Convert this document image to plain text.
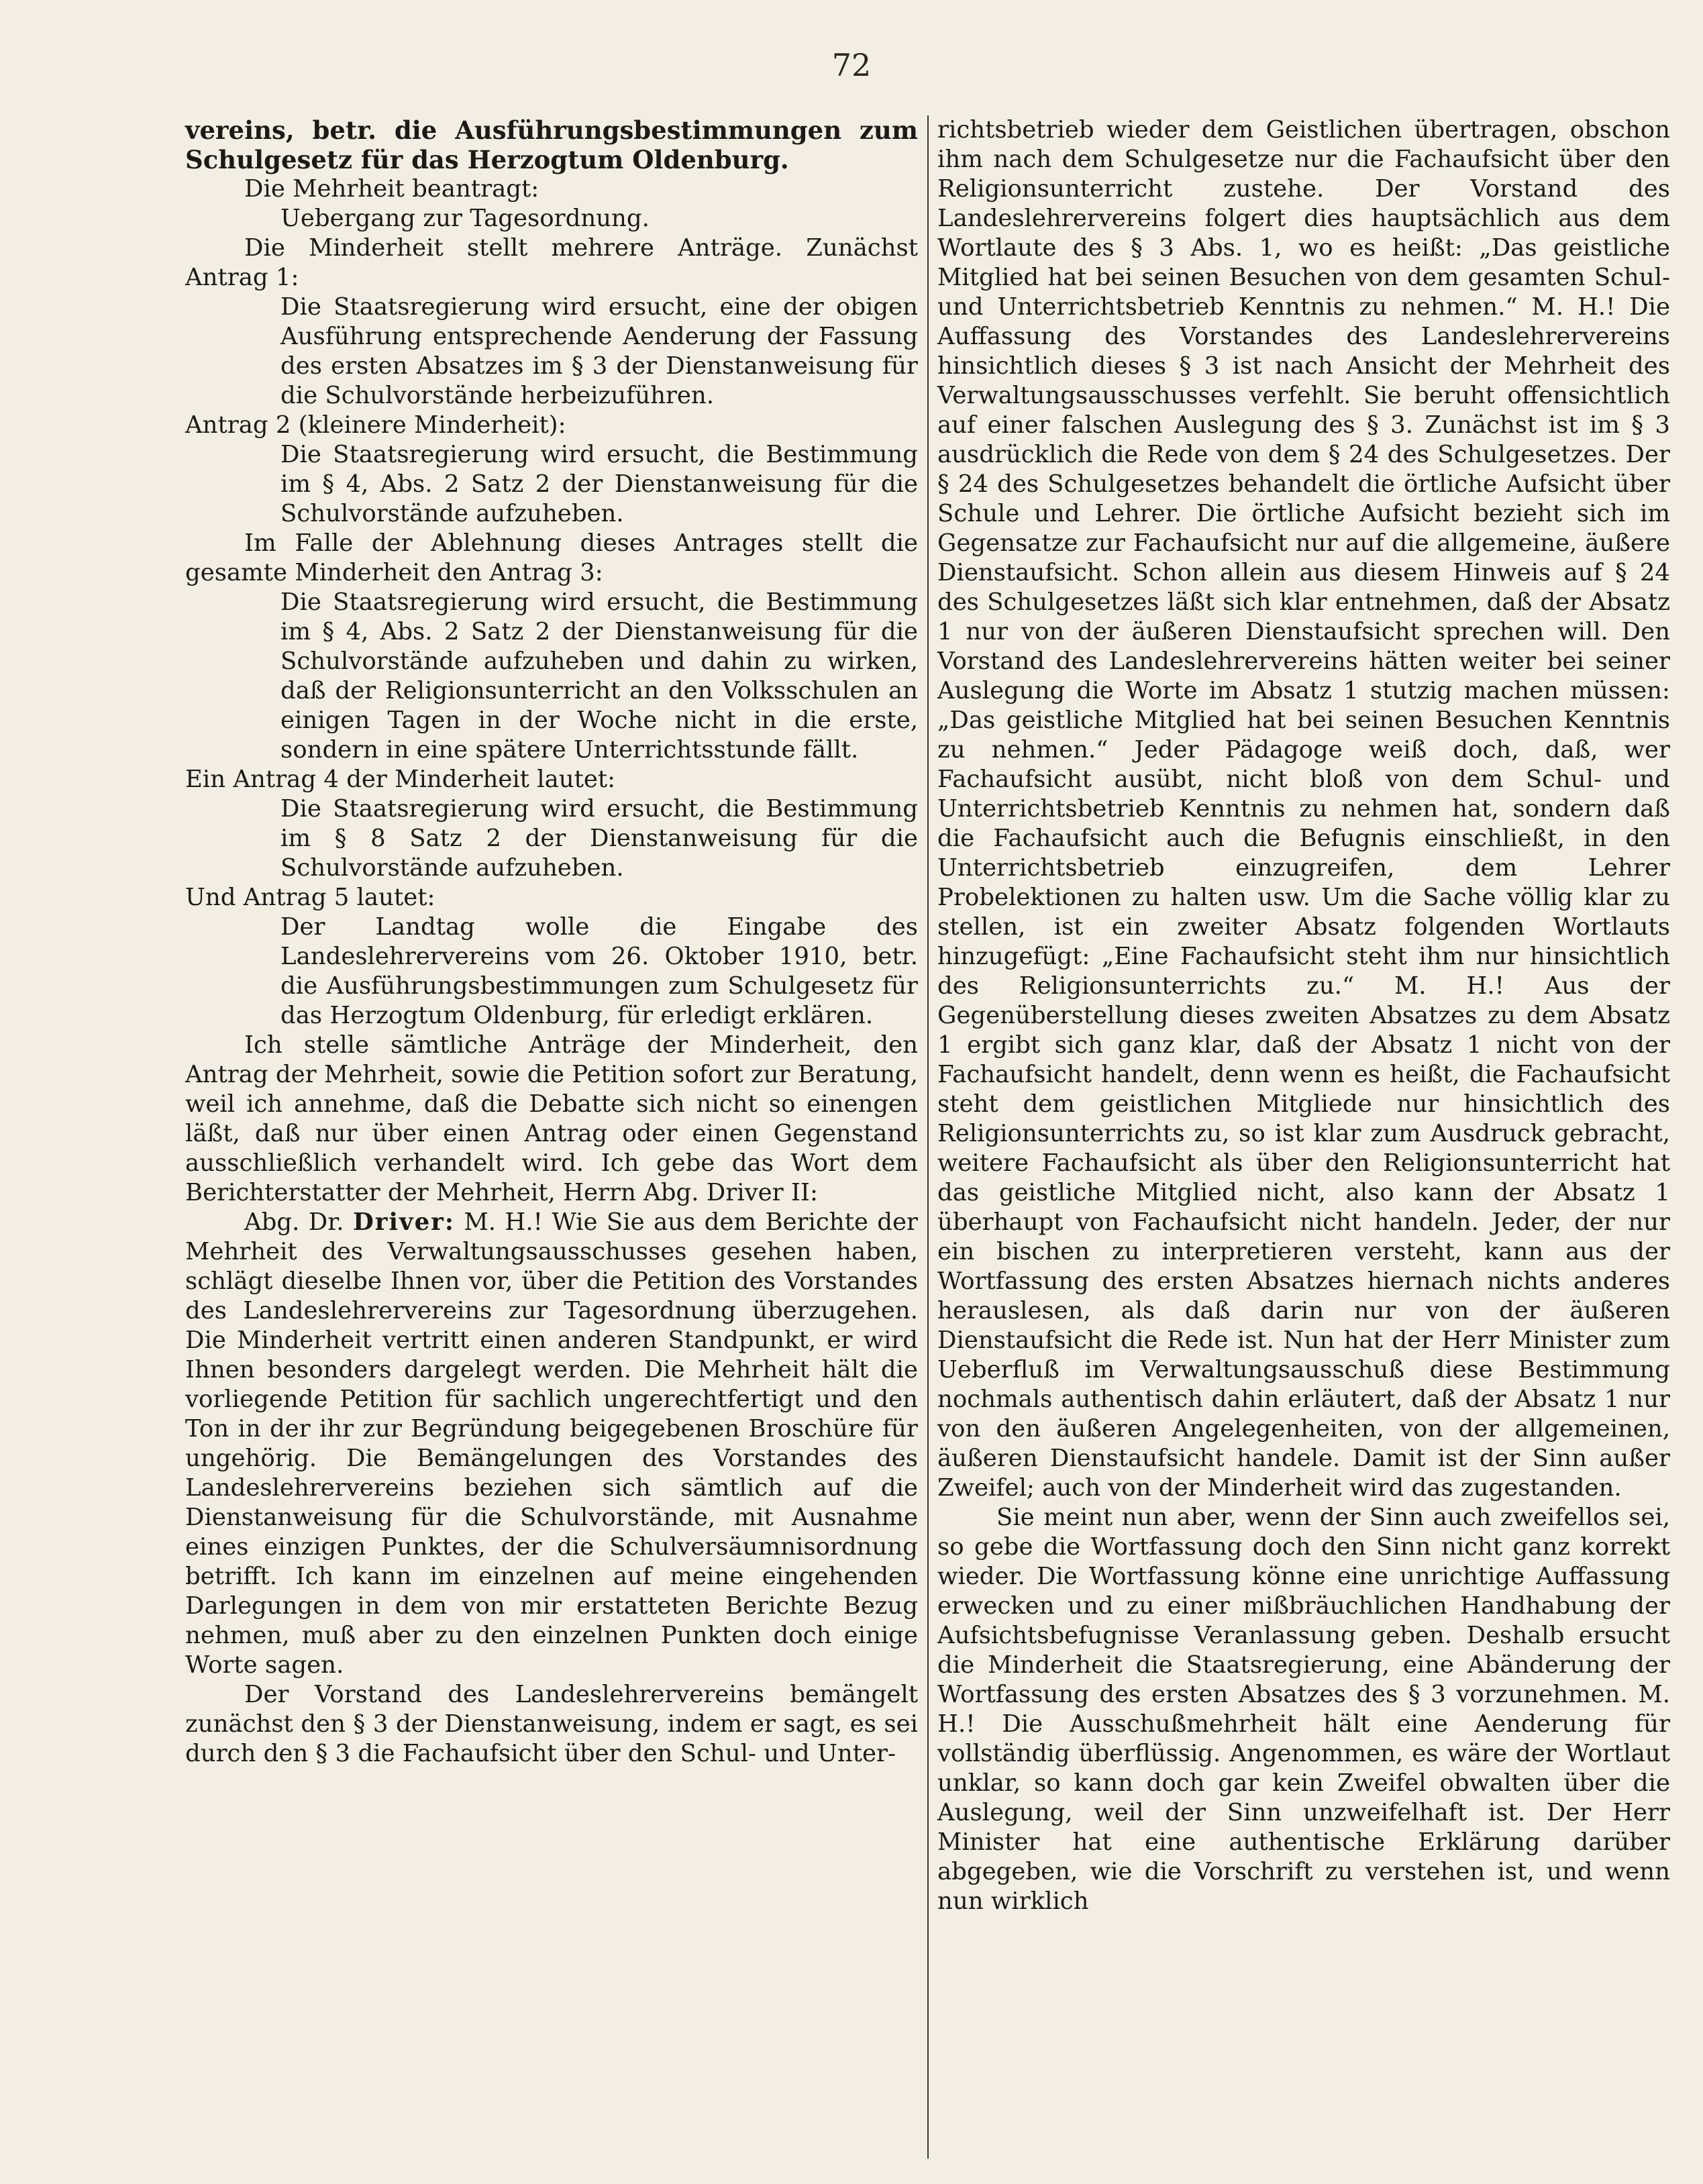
72

vereins, betr. die Ausführungsbestimmungen zum Schulgesetz für das Herzogtum Oldenburg.

Die Mehrheit beantragt:

Uebergang zur Tagesordnung.

Die Minderheit stellt mehrere Anträge. Zunächst Antrag 1:

Die Staatsregierung wird ersucht, eine der obigen Ausführung entsprechende Aenderung der Fassung des ersten Absatzes im § 3 der Dienstanweisung für die Schulvorstände herbeizuführen.

Antrag 2 (kleinere Minderheit):

Die Staatsregierung wird ersucht, die Bestimmung im § 4, Abs. 2 Satz 2 der Dienstanweisung für die Schulvorstände aufzuheben.

Im Falle der Ablehnung dieses Antrages stellt die gesamte Minderheit den Antrag 3:

Die Staatsregierung wird ersucht, die Bestimmung im § 4, Abs. 2 Satz 2 der Dienstanweisung für die Schulvorstände aufzuheben und dahin zu wirken, daß der Religionsunterricht an den Volksschulen an einigen Tagen in der Woche nicht in die erste, sondern in eine spätere Unterrichtsstunde fällt.

Ein Antrag 4 der Minderheit lautet:

Die Staatsregierung wird ersucht, die Bestimmung im § 8 Satz 2 der Dienstanweisung für die Schulvorstände aufzuheben.

Und Antrag 5 lautet:

Der Landtag wolle die Eingabe des Landeslehrervereins vom 26. Oktober 1910, betr. die Ausführungsbestimmungen zum Schulgesetz für das Herzogtum Oldenburg, für erledigt erklären.

Ich stelle sämtliche Anträge der Minderheit, den Antrag der Mehrheit, sowie die Petition sofort zur Beratung, weil ich annehme, daß die Debatte sich nicht so einengen läßt, daß nur über einen Antrag oder einen Gegenstand ausschließlich verhandelt wird. Ich gebe das Wort dem Berichterstatter der Mehrheit, Herrn Abg. Driver II:

Abg. Dr. Driver: M. H.! Wie Sie aus dem Berichte der Mehrheit des Verwaltungsausschusses gesehen haben, schlägt dieselbe Ihnen vor, über die Petition des Vorstandes des Landeslehrervereins zur Tagesordnung überzugehen. Die Minderheit vertritt einen anderen Standpunkt, er wird Ihnen besonders dargelegt werden. Die Mehrheit hält die vorliegende Petition für sachlich ungerechtfertigt und den Ton in der ihr zur Begründung beigegebenen Broschüre für ungehörig. Die Bemängelungen des Vorstandes des Landeslehrervereins beziehen sich sämtlich auf die Dienstanweisung für die Schulvorstände, mit Ausnahme eines einzigen Punktes, der die Schulversäumnisordnung betrifft. Ich kann im einzelnen auf meine eingehenden Darlegungen in dem von mir erstatteten Berichte Bezug nehmen, muß aber zu den einzelnen Punkten doch einige Worte sagen.

Der Vorstand des Landeslehrervereins bemängelt zunächst den § 3 der Dienstanweisung, indem er sagt, es sei durch den § 3 die Fachaufsicht über den Schul- und Unter-

richtsbetrieb wieder dem Geistlichen übertragen, obschon ihm nach dem Schulgesetze nur die Fachaufsicht über den Religionsunterricht zustehe. Der Vorstand des Landeslehrervereins folgert dies hauptsächlich aus dem Wortlaute des § 3 Abs. 1, wo es heißt: „Das geistliche Mitglied hat bei seinen Besuchen von dem gesamten Schul- und Unterrichtsbetrieb Kenntnis zu nehmen.“ M. H.! Die Auffassung des Vorstandes des Landeslehrervereins hinsichtlich dieses § 3 ist nach Ansicht der Mehrheit des Verwaltungsausschusses verfehlt. Sie beruht offensichtlich auf einer falschen Auslegung des § 3. Zunächst ist im § 3 ausdrücklich die Rede von dem § 24 des Schulgesetzes. Der § 24 des Schulgesetzes behandelt die örtliche Aufsicht über Schule und Lehrer. Die örtliche Aufsicht bezieht sich im Gegensatze zur Fachaufsicht nur auf die allgemeine, äußere Dienstaufsicht. Schon allein aus diesem Hinweis auf § 24 des Schulgesetzes läßt sich klar entnehmen, daß der Absatz 1 nur von der äußeren Dienstaufsicht sprechen will. Den Vorstand des Landeslehrervereins hätten weiter bei seiner Auslegung die Worte im Absatz 1 stutzig machen müssen: „Das geistliche Mitglied hat bei seinen Besuchen Kenntnis zu nehmen.“ Jeder Pädagoge weiß doch, daß, wer Fachaufsicht ausübt, nicht bloß von dem Schul- und Unterrichtsbetrieb Kenntnis zu nehmen hat, sondern daß die Fachaufsicht auch die Befugnis einschließt, in den Unterrichtsbetrieb einzugreifen, dem Lehrer Probelektionen zu halten usw. Um die Sache völlig klar zu stellen, ist ein zweiter Absatz folgenden Wortlauts hinzugefügt: „Eine Fachaufsicht steht ihm nur hinsichtlich des Religionsunterrichts zu.“ M. H.! Aus der Gegenüberstellung dieses zweiten Absatzes zu dem Absatz 1 ergibt sich ganz klar, daß der Absatz 1 nicht von der Fachaufsicht handelt, denn wenn es heißt, die Fachaufsicht steht dem geistlichen Mitgliede nur hinsichtlich des Religionsunterrichts zu, so ist klar zum Ausdruck gebracht, weitere Fachaufsicht als über den Religionsunterricht hat das geistliche Mitglied nicht, also kann der Absatz 1 überhaupt von Fachaufsicht nicht handeln. Jeder, der nur ein bischen zu interpretieren versteht, kann aus der Wortfassung des ersten Absatzes hiernach nichts anderes herauslesen, als daß darin nur von der äußeren Dienstaufsicht die Rede ist. Nun hat der Herr Minister zum Ueberfluß im Verwaltungsausschuß diese Bestimmung nochmals authentisch dahin erläutert, daß der Absatz 1 nur von den äußeren Angelegenheiten, von der allgemeinen, äußeren Dienstaufsicht handele. Damit ist der Sinn außer Zweifel; auch von der Minderheit wird das zugestanden.

Sie meint nun aber, wenn der Sinn auch zweifellos sei, so gebe die Wortfassung doch den Sinn nicht ganz korrekt wieder. Die Wortfassung könne eine unrichtige Auffassung erwecken und zu einer mißbräuchlichen Handhabung der Aufsichtsbefugnisse Veranlassung geben. Deshalb ersucht die Minderheit die Staatsregierung, eine Abänderung der Wortfassung des ersten Absatzes des § 3 vorzunehmen. M. H.! Die Ausschußmehrheit hält eine Aenderung für vollständig überflüssig. Angenommen, es wäre der Wortlaut unklar, so kann doch gar kein Zweifel obwalten über die Auslegung, weil der Sinn unzweifelhaft ist. Der Herr Minister hat eine authentische Erklärung darüber abgegeben, wie die Vorschrift zu verstehen ist, und wenn nun wirklich
